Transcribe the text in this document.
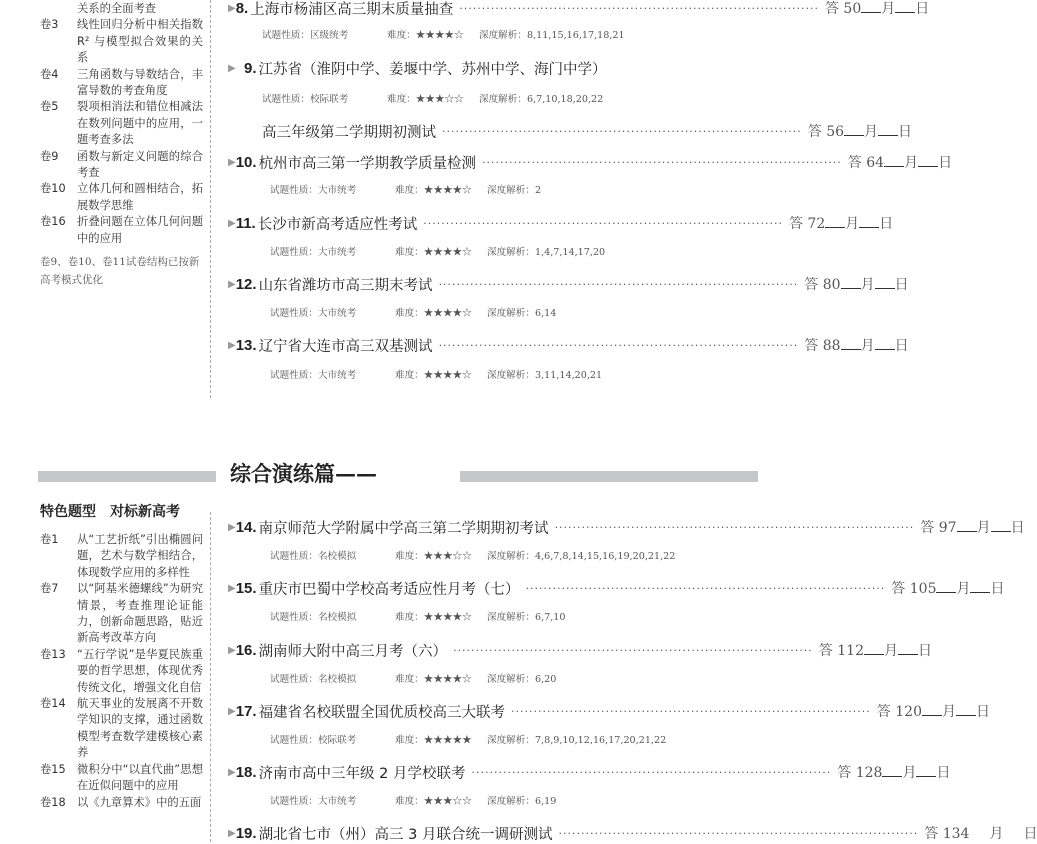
关系的全面考查
卷3	线性回归分析中相关指数 R² 与模型拟合效果的关系
卷4	三角函数与导数结合，丰富导数的考查角度
卷5	裂项相消法和错位相减法在数列问题中的应用，一题考查多法
卷9	函数与新定义问题的综合考查
卷10	立体几何和圆相结合，拓展数学思维
卷16	折叠问题在立体几何问题中的应用
卷9、卷10、卷11试卷结构已按新高考模式优化
综合演练篇——
特色题型　对标新高考
卷1	从“工艺折纸”引出椭圆问题，艺术与数学相结合，体现数学应用的多样性
卷7	以“阿基米德螺线”为研究情景，考查推理论证能力，创新命题思路，贴近新高考改革方向
卷13	“五行学说”是华夏民族重要的哲学思想，体现优秀传统文化，增强文化自信
卷14	航天事业的发展离不开数学知识的支撑，通过函数模型考查数学建模核心素养
卷15	微积分中“以直代曲”思想在近似问题中的应用
卷18	以《九章算术》中的五面
▶ 8. 上海市杨浦区高三期末质量抽查 ················································································ 答 50	月 日
试题性质：区级统考	难度：★★★★☆	深度解析：8,11,15,16,17,18,21
▶ 9. 江苏省（淮阴中学、姜堰中学、苏州中学、海门中学）
高三年级第二学期期初测试 ················································································ 答 56	月 日
试题性质：校际联考	难度：★★★☆☆	深度解析：6,7,10,18,20,22
▶ 10. 杭州市高三第一学期教学质量检测 ················································································ 答 64	月 日
试题性质：大市统考	难度：★★★★☆	深度解析：2
▶ 11. 长沙市新高考适应性考试 ················································································ 答 72	月 日
试题性质：大市统考	难度：★★★★☆	深度解析：1,4,7,14,17,20
▶ 12. 山东省潍坊市高三期末考试 ················································································ 答 80	月 日
试题性质：大市统考	难度：★★★★☆	深度解析：6,14
▶ 13. 辽宁省大连市高三双基测试 ················································································ 答 88	月 日
试题性质：大市统考	难度：★★★★☆	深度解析：3,11,14,20,21
▶ 14. 南京师范大学附属中学高三第二学期期初考试 ················································································ 答 97	月 日
试题性质：名校模拟	难度：★★★☆☆	深度解析：4,6,7,8,14,15,16,19,20,21,22
▶ 15. 重庆市巴蜀中学校高考适应性月考（七） ················································································ 答 105	月 日
试题性质：名校模拟	难度：★★★★☆	深度解析：6,7,10
▶ 16. 湖南师大附中高三月考（六） ················································································ 答 112	月 日
试题性质：名校模拟	难度：★★★★☆	深度解析：6,20
▶ 17. 福建省名校联盟全国优质校高三大联考 ················································································ 答 120	月 日
试题性质：校际联考	难度：★★★★★	深度解析：7,8,9,10,12,16,17,20,21,22
▶ 18. 济南市高中三年级 2 月学校联考 ················································································ 答 128	月 日
试题性质：大市统考	难度：★★★☆☆	深度解析：6,19
▶ 19. 湖北省七市（州）高三 3 月联合统一调研测试 ················································································ 答 134	月 日
